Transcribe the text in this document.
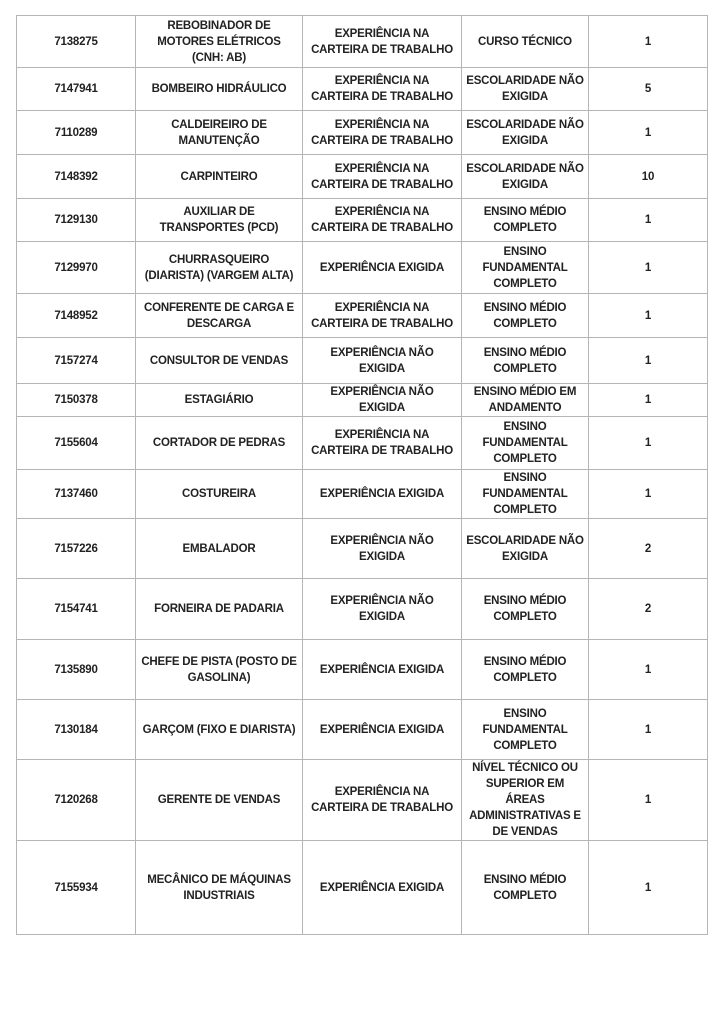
7138275	REBOBINADOR DE MOTORES ELÉTRICOS (CNH: AB)	EXPERIÊNCIA NA CARTEIRA DE TRABALHO	CURSO TÉCNICO	1
7147941	BOMBEIRO HIDRÁULICO	EXPERIÊNCIA NA CARTEIRA DE TRABALHO	ESCOLARIDADE NÃO EXIGIDA	5
7110289	CALDEIREIRO DE MANUTENÇÃO	EXPERIÊNCIA NA CARTEIRA DE TRABALHO	ESCOLARIDADE NÃO EXIGIDA	1
7148392	CARPINTEIRO	EXPERIÊNCIA NA CARTEIRA DE TRABALHO	ESCOLARIDADE NÃO EXIGIDA	10
7129130	AUXILIAR DE TRANSPORTES (PCD)	EXPERIÊNCIA NA CARTEIRA DE TRABALHO	ENSINO MÉDIO COMPLETO	1
7129970	CHURRASQUEIRO (DIARISTA) (VARGEM ALTA)	EXPERIÊNCIA EXIGIDA	ENSINO FUNDAMENTAL COMPLETO	1
7148952	CONFERENTE DE CARGA E DESCARGA	EXPERIÊNCIA NA CARTEIRA DE TRABALHO	ENSINO MÉDIO COMPLETO	1
7157274	CONSULTOR DE VENDAS	EXPERIÊNCIA NÃO EXIGIDA	ENSINO MÉDIO COMPLETO	1
7150378	ESTAGIÁRIO	EXPERIÊNCIA NÃO EXIGIDA	ENSINO MÉDIO EM ANDAMENTO	1
7155604	CORTADOR DE PEDRAS	EXPERIÊNCIA NA CARTEIRA DE TRABALHO	ENSINO FUNDAMENTAL COMPLETO	1
7137460	COSTUREIRA	EXPERIÊNCIA EXIGIDA	ENSINO FUNDAMENTAL COMPLETO	1
7157226	EMBALADOR	EXPERIÊNCIA NÃO EXIGIDA	ESCOLARIDADE NÃO EXIGIDA	2
7154741	FORNEIRA DE PADARIA	EXPERIÊNCIA NÃO EXIGIDA	ENSINO MÉDIO COMPLETO	2
7135890	CHEFE DE PISTA (POSTO DE GASOLINA)	EXPERIÊNCIA EXIGIDA	ENSINO MÉDIO COMPLETO	1
7130184	GARÇOM (FIXO E DIARISTA)	EXPERIÊNCIA EXIGIDA	ENSINO FUNDAMENTAL COMPLETO	1
7120268	GERENTE DE VENDAS	EXPERIÊNCIA NA CARTEIRA DE TRABALHO	NÍVEL TÉCNICO OU SUPERIOR EM ÁREAS ADMINISTRATIVAS E DE VENDAS	1
7155934	MECÂNICO DE MÁQUINAS INDUSTRIAIS	EXPERIÊNCIA EXIGIDA	ENSINO MÉDIO COMPLETO	1
